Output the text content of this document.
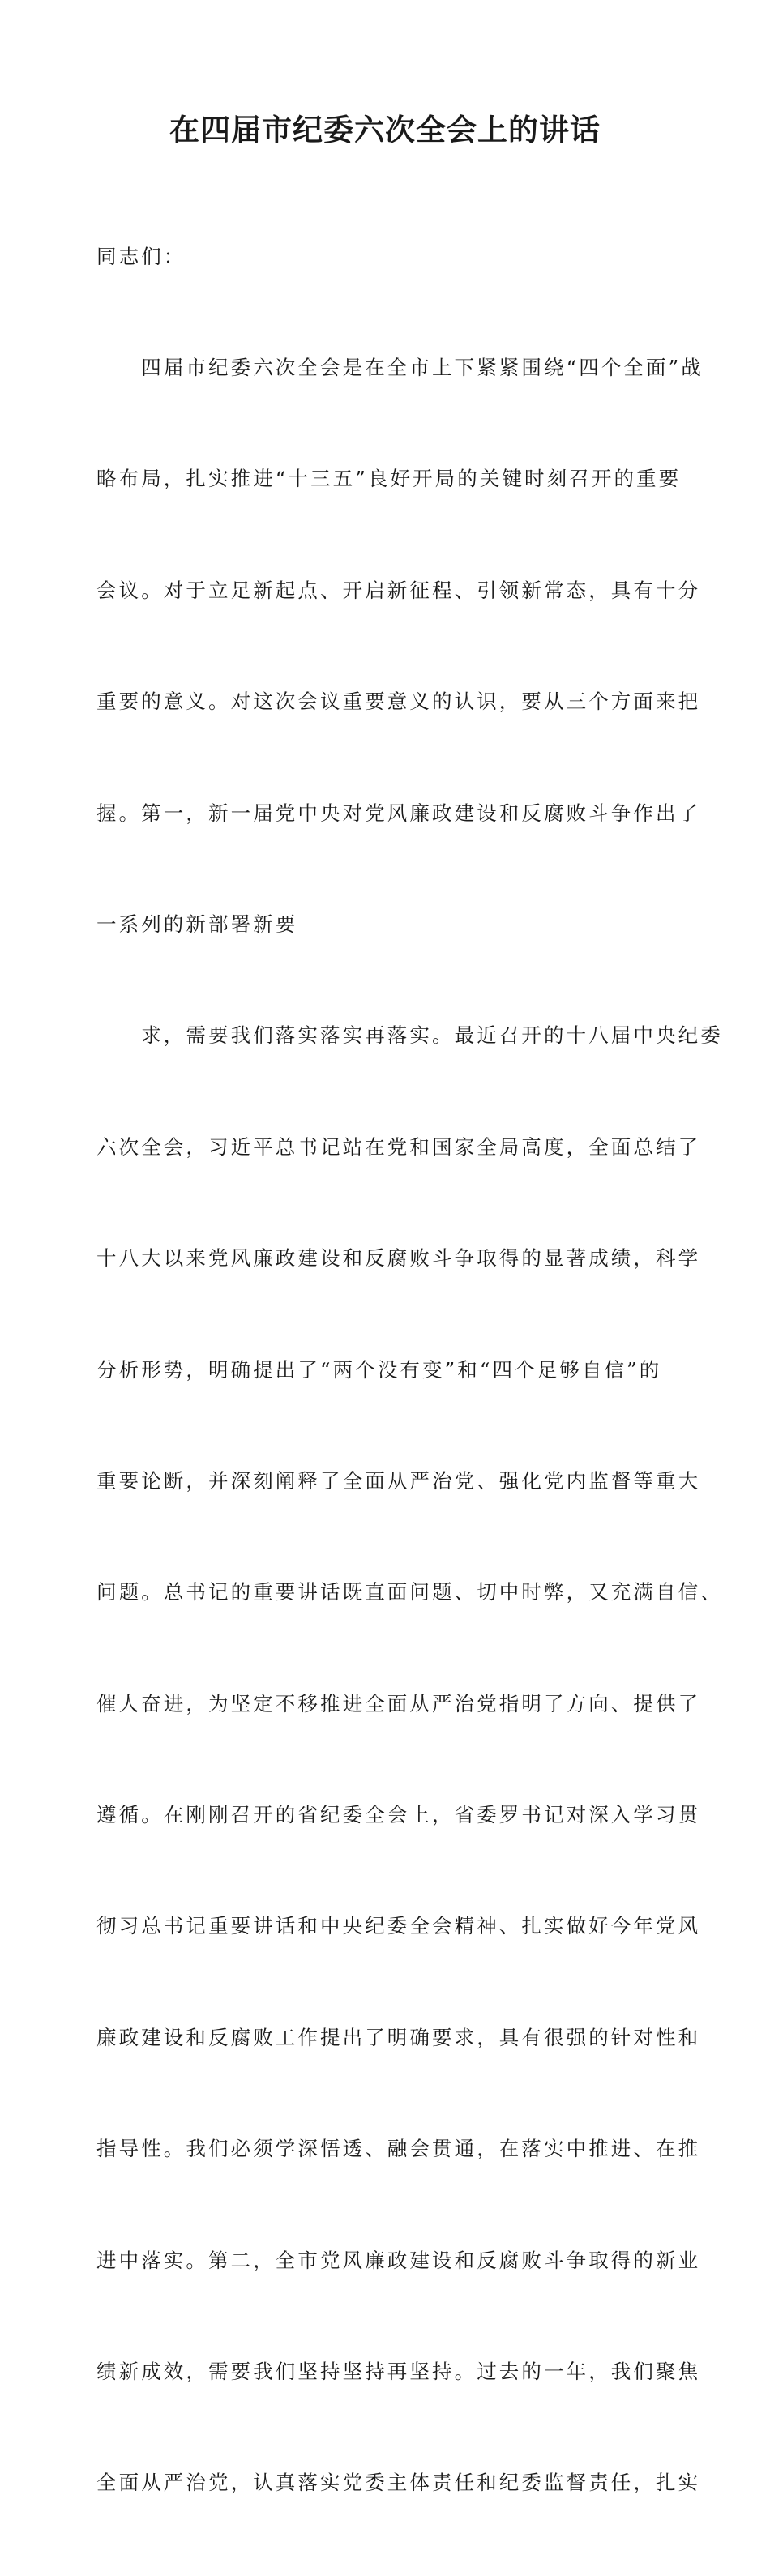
在四届市纪委六次全会上的讲话

同志们：

　　四届市纪委六次全会是在全市上下紧紧围绕“四个全面”战

略布局，扎实推进“十三五”良好开局的关键时刻召开的重要

会议。对于立足新起点、开启新征程、引领新常态，具有十分

重要的意义。对这次会议重要意义的认识，要从三个方面来把

握。第一，新一届党中央对党风廉政建设和反腐败斗争作出了

一系列的新部署新要

　　求，需要我们落实落实再落实。最近召开的十八届中央纪委

六次全会，习近平总书记站在党和国家全局高度，全面总结了

十八大以来党风廉政建设和反腐败斗争取得的显著成绩，科学

分析形势，明确提出了“两个没有变”和“四个足够自信”的

重要论断，并深刻阐释了全面从严治党、强化党内监督等重大

问题。总书记的重要讲话既直面问题、切中时弊，又充满自信、

催人奋进，为坚定不移推进全面从严治党指明了方向、提供了

遵循。在刚刚召开的省纪委全会上，省委罗书记对深入学习贯

彻习总书记重要讲话和中央纪委全会精神、扎实做好今年党风

廉政建设和反腐败工作提出了明确要求，具有很强的针对性和

指导性。我们必须学深悟透、融会贯通，在落实中推进、在推

进中落实。第二，全市党风廉政建设和反腐败斗争取得的新业

绩新成效，需要我们坚持坚持再坚持。过去的一年，我们聚焦

全面从严治党，认真落实党委主体责任和纪委监督责任，扎实
